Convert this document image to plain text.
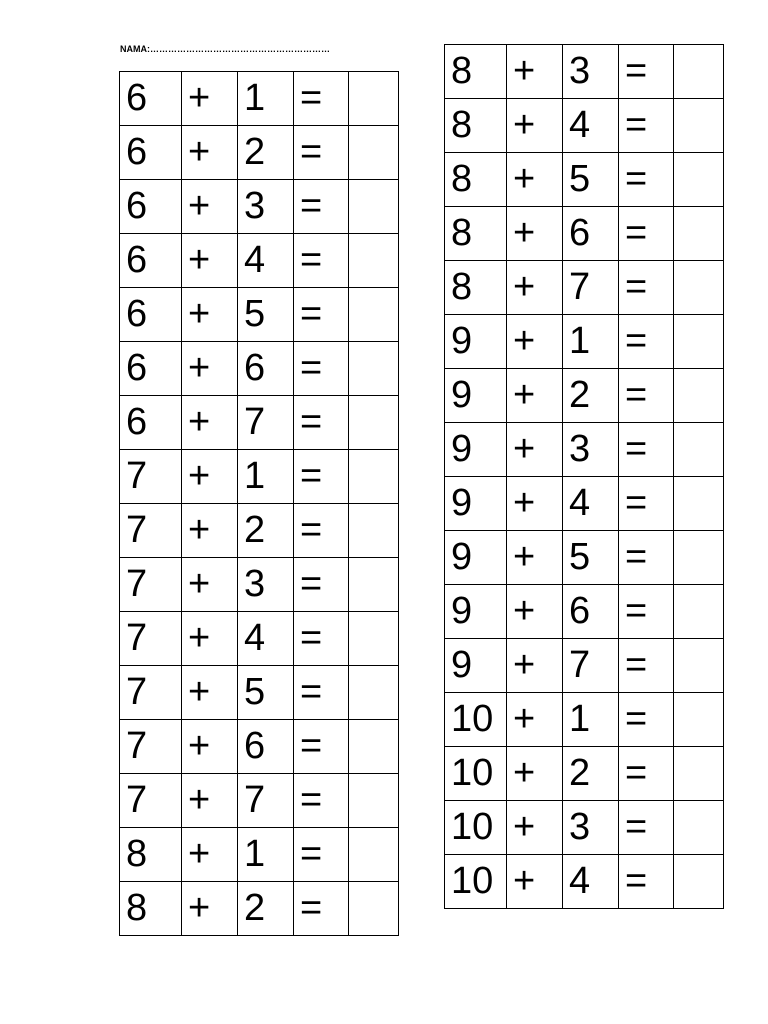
NAMA:……………………………………………………
6	+	1	=	
6	+	2	=	
6	+	3	=	
6	+	4	=	
6	+	5	=	
6	+	6	=	
6	+	7	=	
7	+	1	=	
7	+	2	=	
7	+	3	=	
7	+	4	=	
7	+	5	=	
7	+	6	=	
7	+	7	=	
8	+	1	=	
8	+	2	=	
8	+	3	=	
8	+	4	=	
8	+	5	=	
8	+	6	=	
8	+	7	=	
9	+	1	=	
9	+	2	=	
9	+	3	=	
9	+	4	=	
9	+	5	=	
9	+	6	=	
9	+	7	=	
10	+	1	=	
10	+	2	=	
10	+	3	=	
10	+	4	=	
